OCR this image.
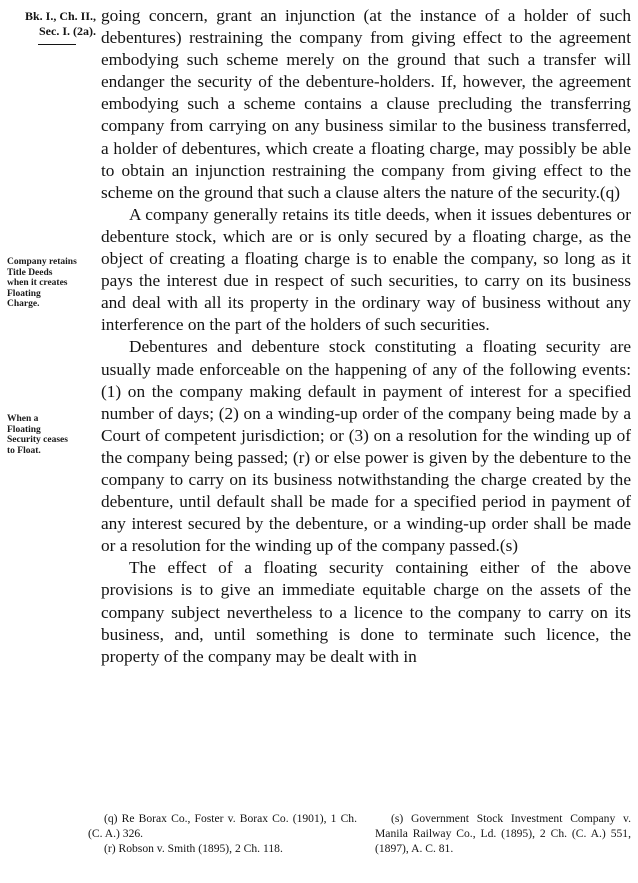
Bk. I., Ch. II.,
Sec. I. (2a).
Company retains
Title Deeds
when it creates
Floating
Charge.
When a
Floating
Security ceases
to Float.

going concern, grant an injunction (at the instance of a holder of such debentures) restraining the company from giving effect to the agreement embodying such scheme merely on the ground that such a transfer will endanger the security of the debenture-holders. If, however, the agreement embodying such a scheme contains a clause precluding the transferring company from carrying on any business similar to the business transferred, a holder of debentures, which create a floating charge, may possibly be able to obtain an injunction restraining the company from giving effect to the scheme on the ground that such a clause alters the nature of the security.(q)

A company generally retains its title deeds, when it issues debentures or debenture stock, which are or is only secured by a floating charge, as the object of creating a floating charge is to enable the company, so long as it pays the interest due in respect of such securities, to carry on its business and deal with all its property in the ordinary way of business without any interference on the part of the holders of such securities.

Debentures and debenture stock constituting a floating security are usually made enforceable on the happening of any of the following events: (1) on the company making default in payment of interest for a specified number of days; (2) on a winding-up order of the company being made by a Court of competent jurisdiction; or (3) on a resolution for the winding up of the company being passed; (r) or else power is given by the debenture to the company to carry on its business notwithstanding the charge created by the debenture, until default shall be made for a specified period in payment of any interest secured by the debenture, or a winding-up order shall be made or a resolution for the winding up of the company passed.(s)

The effect of a floating security containing either of the above provisions is to give an immediate equitable charge on the assets of the company subject nevertheless to a licence to the company to carry on its business, and, until something is done to terminate such licence, the property of the company may be dealt with in

(q) Re Borax Co., Foster v. Borax Co. (1901), 1 Ch. (C. A.) 326.

(r) Robson v. Smith (1895), 2 Ch. 118.

(s) Government Stock Investment Company v. Manila Railway Co., Ld. (1895), 2 Ch. (C. A.) 551, (1897), A. C. 81.
